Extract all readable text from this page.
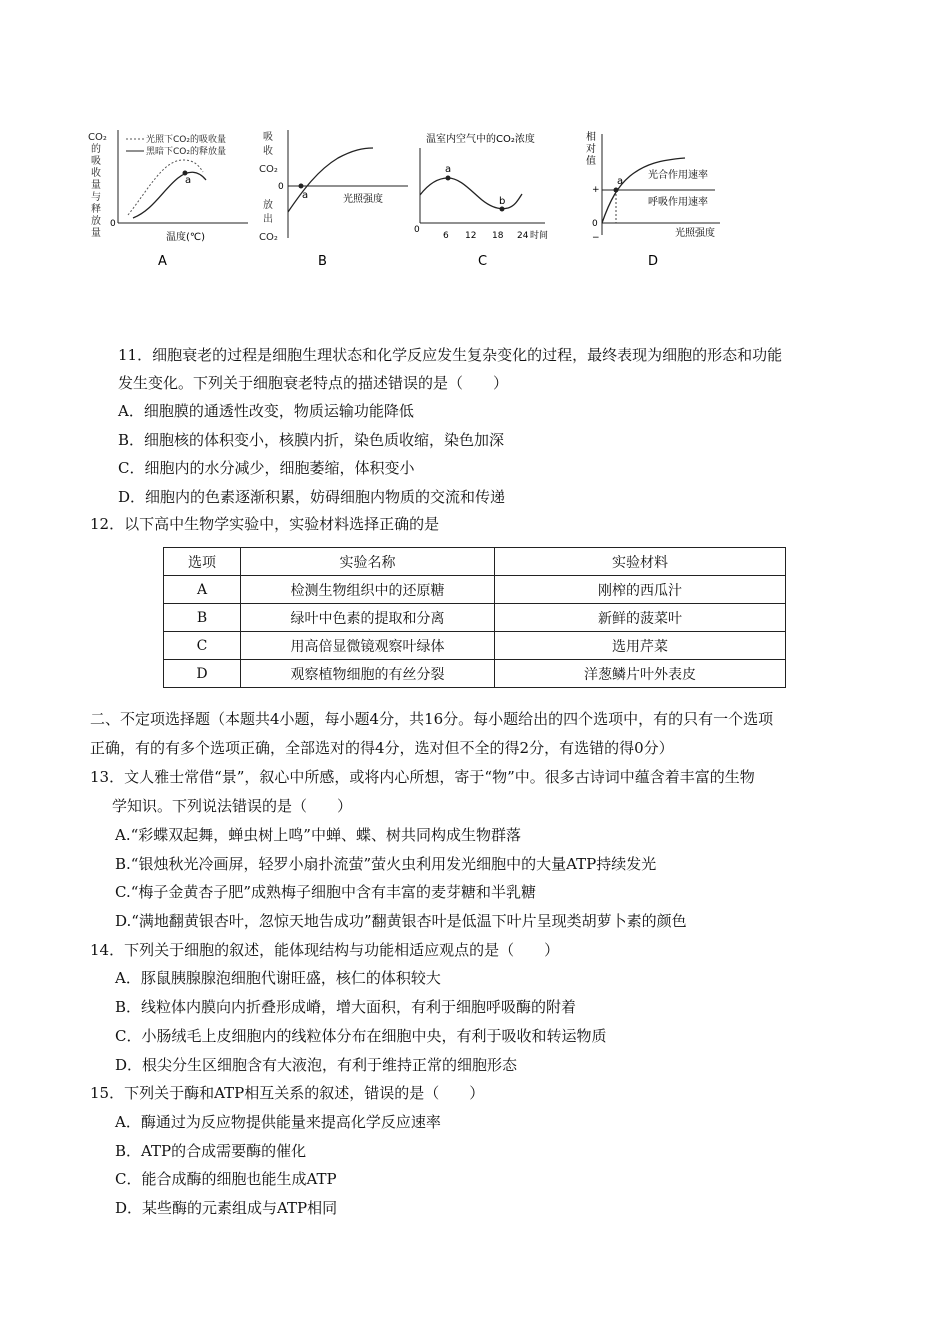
CO₂
的
吸
收
量
与
释
放
量
光照下CO₂的吸收量
黑暗下CO₂的释放量
a
0
温度(℃)
A
吸
收
CO₂
放
出
CO₂
a
0
光照强度
B
温室内空气中的CO₂浓度
a
b
0
6 12 18 24 时间
C
相
对
值
a
+
0
−
光合作用速率
呼吸作用速率
光照强度
D
11．细胞衰老的过程是细胞生理状态和化学反应发生复杂变化的过程，最终表现为细胞的形态和功能
发生变化。下列关于细胞衰老特点的描述错误的是（　　）
A．细胞膜的通透性改变，物质运输功能降低
B．细胞核的体积变小，核膜内折，染色质收缩，染色加深
C．细胞内的水分减少，细胞萎缩，体积变小
D．细胞内的色素逐渐积累，妨碍细胞内物质的交流和传递
12．以下高中生物学实验中，实验材料选择正确的是
选项	实验名称	实验材料
A	检测生物组织中的还原糖	刚榨的西瓜汁
B	绿叶中色素的提取和分离	新鲜的菠菜叶
C	用高倍显微镜观察叶绿体	选用芹菜
D	观察植物细胞的有丝分裂	洋葱鳞片叶外表皮
二、不定项选择题（本题共4小题，每小题4分，共16分。每小题给出的四个选项中，有的只有一个选项
正确，有的有多个选项正确，全部选对的得4分，选对但不全的得2分，有选错的得0分）
13．文人雅士常借“景”，叙心中所感，或将内心所想，寄于“物”中。很多古诗词中蕴含着丰富的生物
学知识。下列说法错误的是（　　）
A.“彩蝶双起舞，蝉虫树上鸣”中蝉、蝶、树共同构成生物群落
B.“银烛秋光冷画屏，轻罗小扇扑流萤”萤火虫利用发光细胞中的大量ATP持续发光
C.“梅子金黄杏子肥”成熟梅子细胞中含有丰富的麦芽糖和半乳糖
D.“满地翻黄银杏叶，忽惊天地告成功”翻黄银杏叶是低温下叶片呈现类胡萝卜素的颜色
14．下列关于细胞的叙述，能体现结构与功能相适应观点的是（　　）
A．豚鼠胰腺腺泡细胞代谢旺盛，核仁的体积较大
B．线粒体内膜向内折叠形成嵴，增大面积，有利于细胞呼吸酶的附着
C．小肠绒毛上皮细胞内的线粒体分布在细胞中央，有利于吸收和转运物质
D．根尖分生区细胞含有大液泡，有利于维持正常的细胞形态
15．下列关于酶和ATP相互关系的叙述，错误的是（　　）
A．酶通过为反应物提供能量来提高化学反应速率
B．ATP的合成需要酶的催化
C．能合成酶的细胞也能生成ATP
D．某些酶的元素组成与ATP相同
